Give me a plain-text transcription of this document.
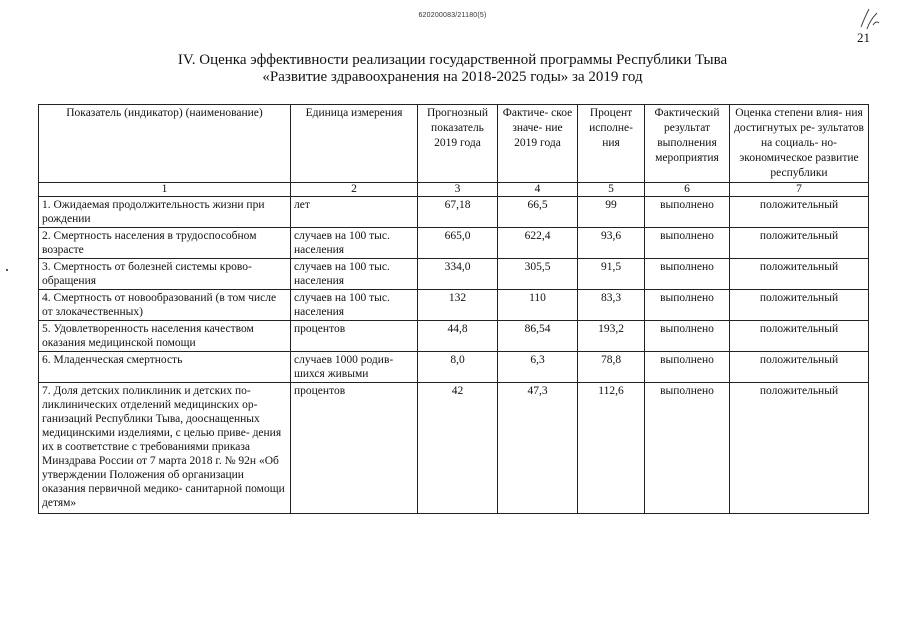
620200083/21180(5)
21
IV. Оценка эффективности реализации государственной программы Республики Тыва
«Развитие здравоохранения на 2018-2025 годы» за 2019 год
Показатель (индикатор) (наименование)	Единица измерения	Прогнозный показатель 2019 года	Фактиче- ское значе- ние 2019 года	Процент исполне- ния	Фактический результат выполнения мероприятия	Оценка степени влия- ния достигнутых ре- зультатов на социаль- но-экономическое развитие республики
1	2	3	4	5	6	7
1. Ожидаемая продолжительность жизни при рождении	лет	67,18	66,5	99	выполнено	положительный
2. Смертность населения в трудоспособном возрасте	случаев на 100 тыс. населения	665,0	622,4	93,6	выполнено	положительный
3. Смертность от болезней системы крово- обращения	случаев на 100 тыс. населения	334,0	305,5	91,5	выполнено	положительный
4. Смертность от новообразований (в том числе от злокачественных)	случаев на 100 тыс. населения	132	110	83,3	выполнено	положительный
5. Удовлетворенность населения качеством оказания медицинской помощи	процентов	44,8	86,54	193,2	выполнено	положительный
6. Младенческая смертность	случаев 1000 родив- шихся живыми	8,0	6,3	78,8	выполнено	положительный
7. Доля детских поликлиник и детских по- ликлинических отделений медицинских ор- ганизаций Республики Тыва, дооснащенных медицинскими изделиями, с целью приве- дения их в соответствие с требованиями приказа Минздрава России от 7 марта 2018 г. № 92н «Об утверждении Положения об организации оказания первичной медико- санитарной помощи детям»	процентов	42	47,3	112,6	выполнено	положительный
